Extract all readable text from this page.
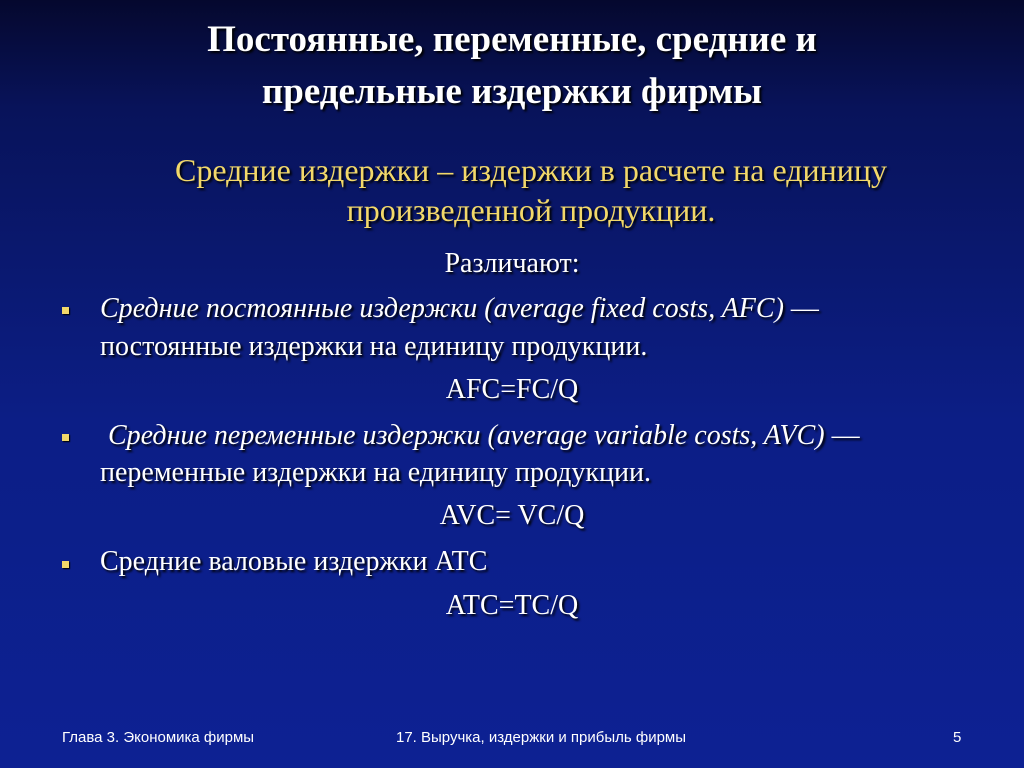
Постоянные, переменные, средние и
предельные издержки фирмы
Средние издержки – издержки в расчете на единицу
произведенной продукции.
Различают:
Средние постоянные издержки (average fixed costs, AFC) —
постоянные издержки на единицу продукции.
AFC=FC/Q
Средние переменные издержки (average variable costs, AVC) —
переменные издержки на единицу продукции.
AVC= VC/Q
Средние валовые издержки ATC
ATC=TC/Q
Глава 3. Экономика фирмы	17. Выручка, издержки и прибыль фирмы	5
